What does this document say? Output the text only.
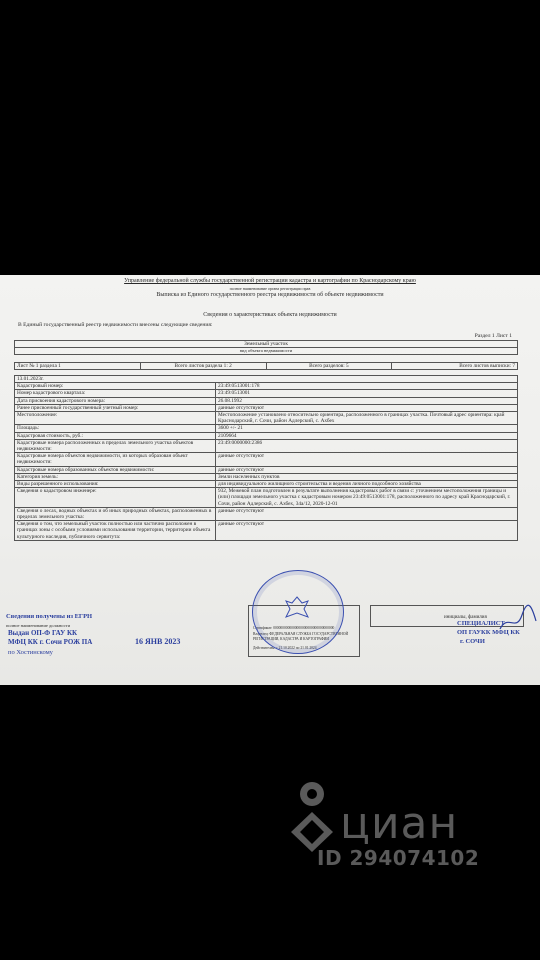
Управление федеральной службы государственной регистрации кадастра и картографии по Краснодарскому краю
полное наименование органа регистрации прав
Выписка из Единого государственного реестра недвижимости об объекте недвижимости
Сведения о характеристиках объекта недвижимости
В Единый государственный реестр недвижимости внесены следующие сведения:
Раздел 1 Лист 1
Земельный участок
вид объекта недвижимости
Лист № 1 раздела 1	Всего листов раздела 1: 2	Всего разделов: 5	Всего листов выписки: 7
13.01.2023г.	
Кадастровый номер:	23:49:0513001:178
Номер кадастрового квартала:	23:49:0513001
Дата присвоения кадастрового номера:	26.08.1992
Ранее присвоенный государственный учетный номер:	данные отсутствуют
Местоположение:	Местоположение установлено относительно ориентира, расположенного в границах участка. Почтовый адрес ориентира: край Краснодарский, г. Сочи, район Адлерский, с. Ахбех
Площадь:	3600 +/- 21
Кадастровая стоимость, руб.:	2109664
Кадастровые номера расположенных в пределах земельного участка объектов недвижимости:	23:49:0000000:2386
Кадастровые номера объектов недвижимости, из которых образован объект недвижимости:	данные отсутствуют
Кадастровые номера образованных объектов недвижимости:	данные отсутствуют
Категория земель:	Земли населенных пунктов
Виды разрешенного использования:	для индивидуального жилищного строительства и ведения личного подсобного хозяйства
Сведения о кадастровом инженере:	932, Межевой план подготовлен в результате выполнения кадастровых работ в связи с: уточнением местоположения границы и (или) площади земельного участка с кадастровым номером 23:49:0513001:178, расположенного по адресу край Краснодарский, г. Сочи, район Адлерский, с. Ахбех, 34а/12, 2020-12-01
Сведения о лесах, водных объектах и об иных природных объектах, расположенных в пределах земельного участка:	данные отсутствуют
Сведения о том, что земельный участок полностью или частично расположен в границах зоны с особыми условиями использования территории, территории объекта культурного наследия, публичного сервитута:	данные отсутствуют
Сведения получены из ЕГРН
полное наименование должности
Выдан ОП-Ф ГАУ КК
МФЦ КК г. Сочи РОЖ ПА	16 ЯНВ 2023
по Хостинскому
Сертификат: 0000000000000000000000000000000000
Владелец: ФЕДЕРАЛЬНАЯ СЛУЖБА ГОСУДАРСТВЕННОЙ РЕГИСТРАЦИИ, КАДАСТРА И КАРТОГРАФИИ
Действителен: с 21.10.2022 по 21.01.2024
инициалы, фамилия
СПЕЦИАЛИСТ
ОП ГАУКК МФЦ КК
г. СОЧИ
циан
ID 294074102
